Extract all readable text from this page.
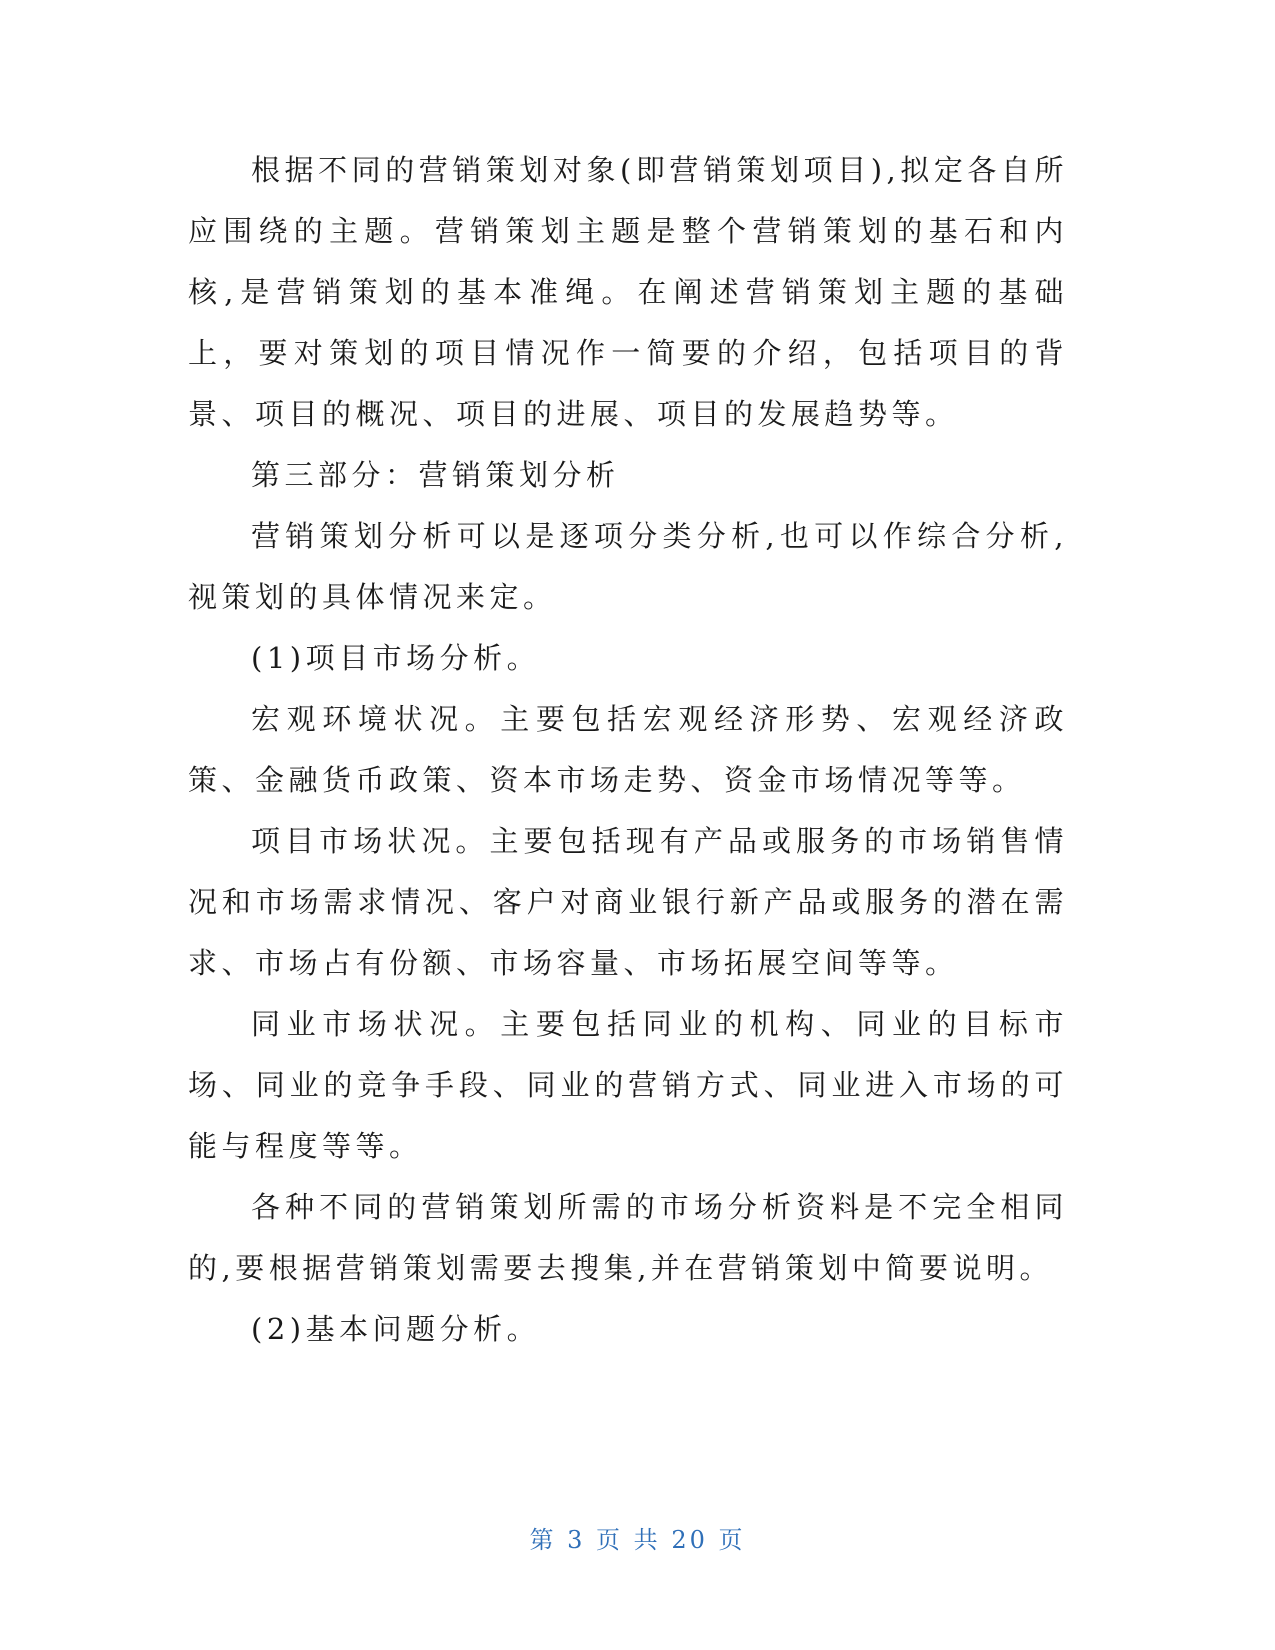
根据不同的营销策划对象(即营销策划项目),拟定各自所应围绕的主题。营销策划主题是整个营销策划的基石和内核,是营销策划的基本准绳。在阐述营销策划主题的基础上，要对策划的项目情况作一简要的介绍，包括项目的背景、项目的概况、项目的进展、项目的发展趋势等。

第三部分：营销策划分析

营销策划分析可以是逐项分类分析,也可以作综合分析,视策划的具体情况来定。

(1)项目市场分析。

宏观环境状况。主要包括宏观经济形势、宏观经济政策、金融货币政策、资本市场走势、资金市场情况等等。

项目市场状况。主要包括现有产品或服务的市场销售情况和市场需求情况、客户对商业银行新产品或服务的潜在需求、市场占有份额、市场容量、市场拓展空间等等。

同业市场状况。主要包括同业的机构、同业的目标市场、同业的竞争手段、同业的营销方式、同业进入市场的可能与程度等等。

各种不同的营销策划所需的市场分析资料是不完全相同的,要根据营销策划需要去搜集,并在营销策划中简要说明。

(2)基本问题分析。

第 3 页 共 20 页
